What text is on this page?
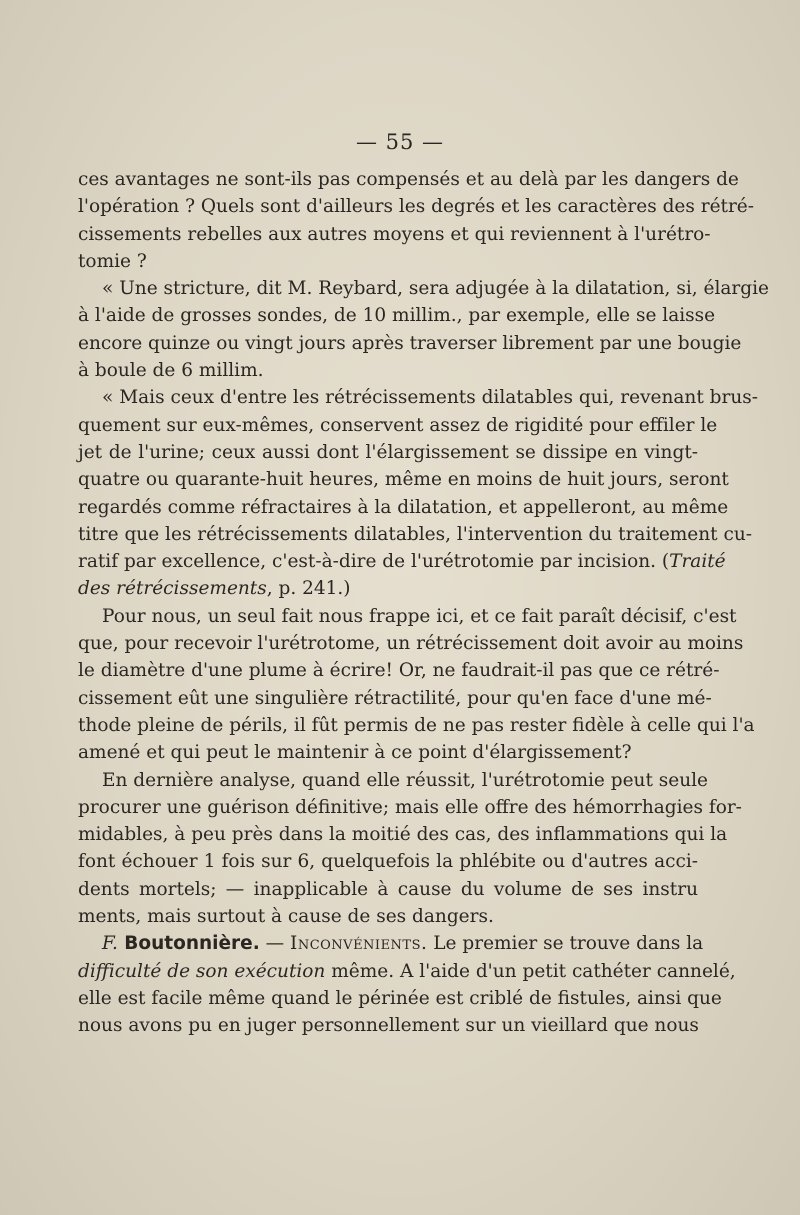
— 55 —
ces avantages ne sont-ils pas compensés et au delà par les dangers de
l'opération ? Quels sont d'ailleurs les degrés et les caractères des rétré-
cissements rebelles aux autres moyens et qui reviennent à l'urétro-
tomie ?
« Une stricture, dit M. Reybard, sera adjugée à la dilatation, si, élargie
à l'aide de grosses sondes, de 10 millim., par exemple, elle se laisse
encore quinze ou vingt jours après traverser librement par une bougie
à boule de 6 millim.
« Mais ceux d'entre les rétrécissements dilatables qui, revenant brus-
quement sur eux-mêmes, conservent assez de rigidité pour effiler le
jet de l'urine; ceux aussi dont l'élargissement se dissipe en vingt-
quatre ou quarante-huit heures, même en moins de huit jours, seront
regardés comme réfractaires à la dilatation, et appelleront, au même
titre que les rétrécissements dilatables, l'intervention du traitement cu-
ratif par excellence, c'est-à-dire de l'urétrotomie par incision. (Traité
des rétrécissements, p. 241.)
Pour nous, un seul fait nous frappe ici, et ce fait paraît décisif, c'est
que, pour recevoir l'urétrotome, un rétrécissement doit avoir au moins
le diamètre d'une plume à écrire! Or, ne faudrait-il pas que ce rétré-
cissement eût une singulière rétractilité, pour qu'en face d'une mé-
thode pleine de périls, il fût permis de ne pas rester fidèle à celle qui l'a
amené et qui peut le maintenir à ce point d'élargissement?
En dernière analyse, quand elle réussit, l'urétrotomie peut seule
procurer une guérison définitive; mais elle offre des hémorrhagies for-
midables, à peu près dans la moitié des cas, des inflammations qui la
font échouer 1 fois sur 6, quelquefois la phlébite ou d'autres acci-
dents mortels; — inapplicable à cause du volume de ses instru
ments, mais surtout à cause de ses dangers.
F. Boutonnière. — Inconvénients. Le premier se trouve dans la
difficulté de son exécution même. A l'aide d'un petit cathéter cannelé,
elle est facile même quand le périnée est criblé de fistules, ainsi que
nous avons pu en juger personnellement sur un vieillard que nous
